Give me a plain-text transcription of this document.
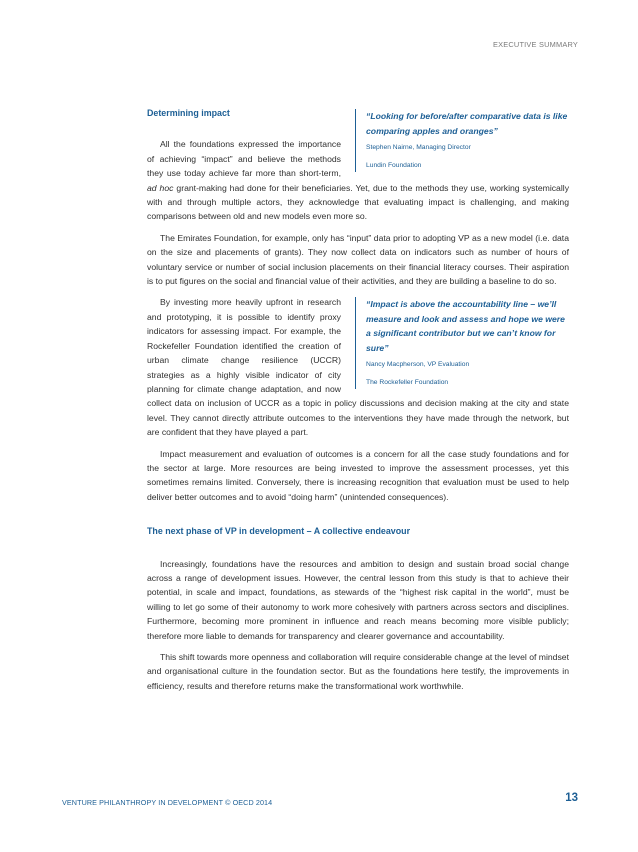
EXECUTIVE SUMMARY

“Looking for before/after comparative data is like comparing apples and oranges”

Stephen Nairne, Managing Director

Lundin Foundation

Determining impact

All the foundations expressed the importance of achieving “impact” and believe the methods they use today achieve far more than short-term, ad hoc grant-making had done for their beneficiaries. Yet, due to the methods they use, working systemically with and through multiple actors, they acknowledge that evaluating impact is challenging, and making comparisons between old and new models even more so.

The Emirates Foundation, for example, only has “input” data prior to adopting VP as a new model (i.e. data on the size and placements of grants). They now collect data on indicators such as number of hours of voluntary service or number of social inclusion placements on their financial literacy courses. Their aspiration is to put figures on the social and financial value of their activities, and they are building a baseline to do so.

“Impact is above the accountability line – we’ll measure and look and assess and hope we were a significant contributor but we can’t know for sure”

Nancy Macpherson, VP Evaluation

The Rockefeller Foundation

By investing more heavily upfront in research and prototyping, it is possible to identify proxy indicators for assessing impact. For example, the Rockefeller Foundation identified the creation of urban climate change resilience (UCCR) strategies as a highly visible indicator of city planning for climate change adaptation, and now collect data on inclusion of UCCR as a topic in policy discussions and decision making at the city and state level. They cannot directly attribute outcomes to the interventions they have made through the network, but are confident that they have played a part.

Impact measurement and evaluation of outcomes is a concern for all the case study foundations and for the sector at large. More resources are being invested to improve the assessment processes, yet this sometimes remains limited. Conversely, there is increasing recognition that evaluation must be used to help deliver better outcomes and to avoid “doing harm” (unintended consequences).

The next phase of VP in development – A collective endeavour

Increasingly, foundations have the resources and ambition to design and sustain broad social change across a range of development issues. However, the central lesson from this study is that to achieve their potential, in scale and impact, foundations, as stewards of the “highest risk capital in the world”, must be willing to let go some of their autonomy to work more cohesively with partners across sectors and disciplines. Furthermore, becoming more prominent in influence and reach means becoming more visible publicly; therefore more liable to demands for transparency and clearer governance and accountability.

This shift towards more openness and collaboration will require considerable change at the level of mindset and organisational culture in the foundation sector. But as the foundations here testify, the improvements in efficiency, results and therefore returns make the transformational work worthwhile.

VENTURE PHILANTHROPY IN DEVELOPMENT © OECD 2014	13
